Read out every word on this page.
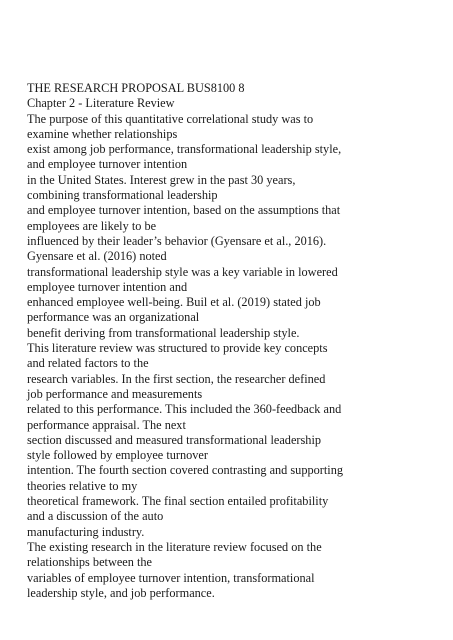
THE RESEARCH PROPOSAL BUS8100 8
Chapter 2 - Literature Review
The purpose of this quantitative correlational study was to
examine whether relationships
exist among job performance, transformational leadership style,
and employee turnover intention
in the United States. Interest grew in the past 30 years,
combining transformational leadership
and employee turnover intention, based on the assumptions that
employees are likely to be
influenced by their leader’s behavior (Gyensare et al., 2016).
Gyensare et al. (2016) noted
transformational leadership style was a key variable in lowered
employee turnover intention and
enhanced employee well-being. Buil et al. (2019) stated job
performance was an organizational
benefit deriving from transformational leadership style.
This literature review was structured to provide key concepts
and related factors to the
research variables. In the first section, the researcher defined
job performance and measurements
related to this performance. This included the 360-feedback and
performance appraisal. The next
section discussed and measured transformational leadership
style followed by employee turnover
intention. The fourth section covered contrasting and supporting
theories relative to my
theoretical framework. The final section entailed profitability
and a discussion of the auto
manufacturing industry.
The existing research in the literature review focused on the
relationships between the
variables of employee turnover intention, transformational
leadership style, and job performance.
